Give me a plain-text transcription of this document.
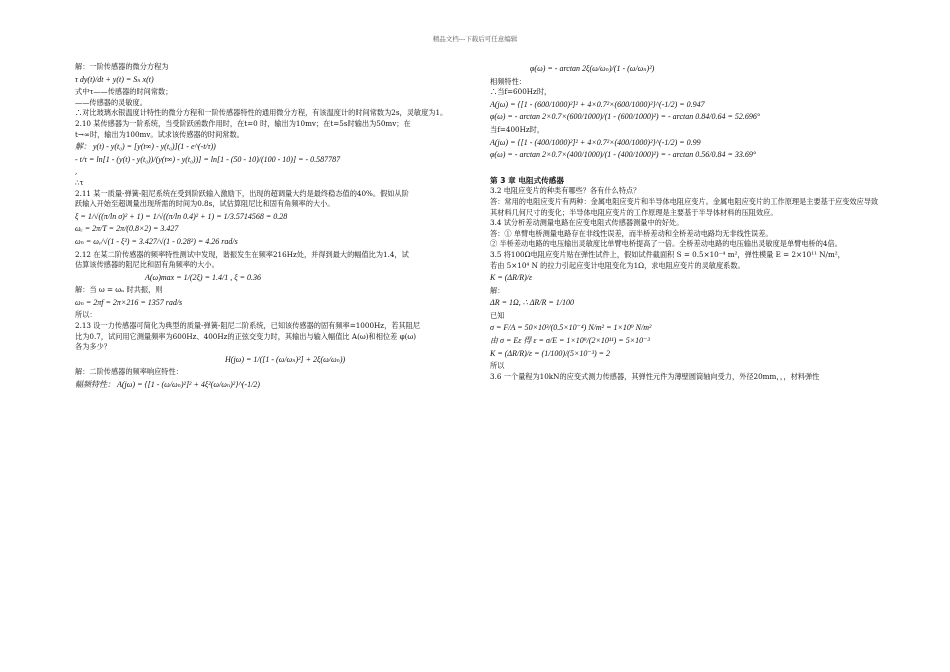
精品文档---下载后可任意编辑
解：一阶传感器的微分方程为
τ dy(t)/dt + y(t) = Sₙ x(t)
式中τ——传感器的时间常数；
——传感器的灵敏度。
∴对比玻璃水银温度计特性的微分方程和一阶传感器特性的通用微分方程，有该温度计的时间常数为2s，灵敏度为1。
2.10 某传感器为一阶系统，当受阶跃函数作用时，在t=0 时，输出为10mv；在t=5s时输出为50mv；在
t→∞时，输出为100mv。试求该传感器的时间常数。
解： y(t) - y(t₀) = [y(t∞) - y(t₀)](1 - e^(-t/τ))
- t/τ = ln[1 - (y(t) - y(t₀))/(y(t∞) - y(t₀))] = ln[1 - (50 - 10)/(100 - 10)] = - 0.587787
,
∴τ
2.11 某一质量-弹簧-阻尼系统在受到阶跃输入激励下，出现的超调量大约是最终稳态值的40%。假如从阶
跃输入开始至超调量出现所需的时间为0.8s，试估算阻尼比和固有角频率的大小。
ξ = 1/√((π/ln σ)² + 1) = 1/√((π/ln 0.4)² + 1) = 1/3.5714568 = 0.28
ωₑ = 2π/T = 2π/(0.8×2) = 3.427
ωₙ = ωₑ/√(1 - ξ²) = 3.427/√(1 - 0.28²) = 4.26 rad/s
2.12 在某二阶传感器的频率特性测试中发现，谐振发生在频率216Hz处，并得到最大的幅值比为1.4，试
估算该传感器的阻尼比和固有角频率的大小。
A(ω)max = 1/(2ξ) = 1.4/1 , ξ = 0.36
解：当 ω = ωₙ 时共振，则
ωₙ = 2πf = 2π×216 = 1357 rad/s
所以：
2.13 设一力传感器可简化为典型的质量-弹簧-阻尼二阶系统，已知该传感器的固有频率=1000Hz，若其阻尼
比为0.7，试问用它测量频率为600Hz、400Hz的正弦交变力时，其输出与输入幅值比 A(ω)和相位差 φ(ω)
各为多少？
H(jω) = 1/([1 - (ω/ωₙ)²] + 2ξ(ω/ωₙ))
解：二阶传感器的频率响应特性：
幅频特性： A(jω) = {[1 - (ω/ωₙ)²]² + 4ξ²(ω/ωₙ)²}^(-1/2)
φ(ω) = - arctan 2ξ(ω/ωₙ)/(1 - (ω/ωₙ)²)
相频特性：
∴当f=600Hz时，
A(jω) = {[1 - (600/1000)²]² + 4×0.7²×(600/1000)²}^(-1/2) = 0.947
φ(ω) = - arctan 2×0.7×(600/1000)/(1 - (600/1000)²) = - arctan 0.84/0.64 = 52.696°
当f=400Hz时，
A(jω) = {[1 - (400/1000)²]² + 4×0.7²×(400/1000)²}^(-1/2) = 0.99
φ(ω) = - arctan 2×0.7×(400/1000)/(1 - (400/1000)²) = - arctan 0.56/0.84 = 33.69°
第 3 章 电阻式传感器
3.2 电阻应变片的种类有哪些？各有什么特点？
答：常用的电阻应变片有两种：金属电阻应变片和半导体电阻应变片。金属电阻应变片的工作原理是主要基于应变效应导致其材料几何尺寸的变化；半导体电阻应变片的工作原理是主要基于半导体材料的压阻效应。
3.4 试分析差动测量电路在应变电阻式传感器测量中的好处。
答：① 单臂电桥测量电路存在非线性误差，而半桥差动和全桥差动电路均无非线性误差。
② 半桥差动电路的电压输出灵敏度比单臂电桥提高了一倍。全桥差动电路的电压输出灵敏度是单臂电桥的4倍。
3.5 将100Ω电阻应变片贴在弹性试件上，假如试件截面积 S = 0.5×10⁻⁴ m²，弹性模量 E = 2×10¹¹ N/m²，
若由 5×10⁴ N 的拉力引起应变计电阻变化为1Ω，求电阻应变片的灵敏度系数。
K = (ΔR/R)/ε
解：
ΔR = 1Ω, ∴ ΔR/R = 1/100
已知
σ = F/A = 50×10³/(0.5×10⁻⁴) N/m² = 1×10⁹ N/m²
由 σ = Eε 得 ε = σ/E = 1×10⁹/(2×10¹¹) = 5×10⁻³
K = (ΔR/R)/ε = (1/100)/(5×10⁻³) = 2
所以
3.6 一个量程为10kN的应变式测力传感器，其弹性元件为薄壁圆筒轴向受力，外径20mm，，，材料弹性
